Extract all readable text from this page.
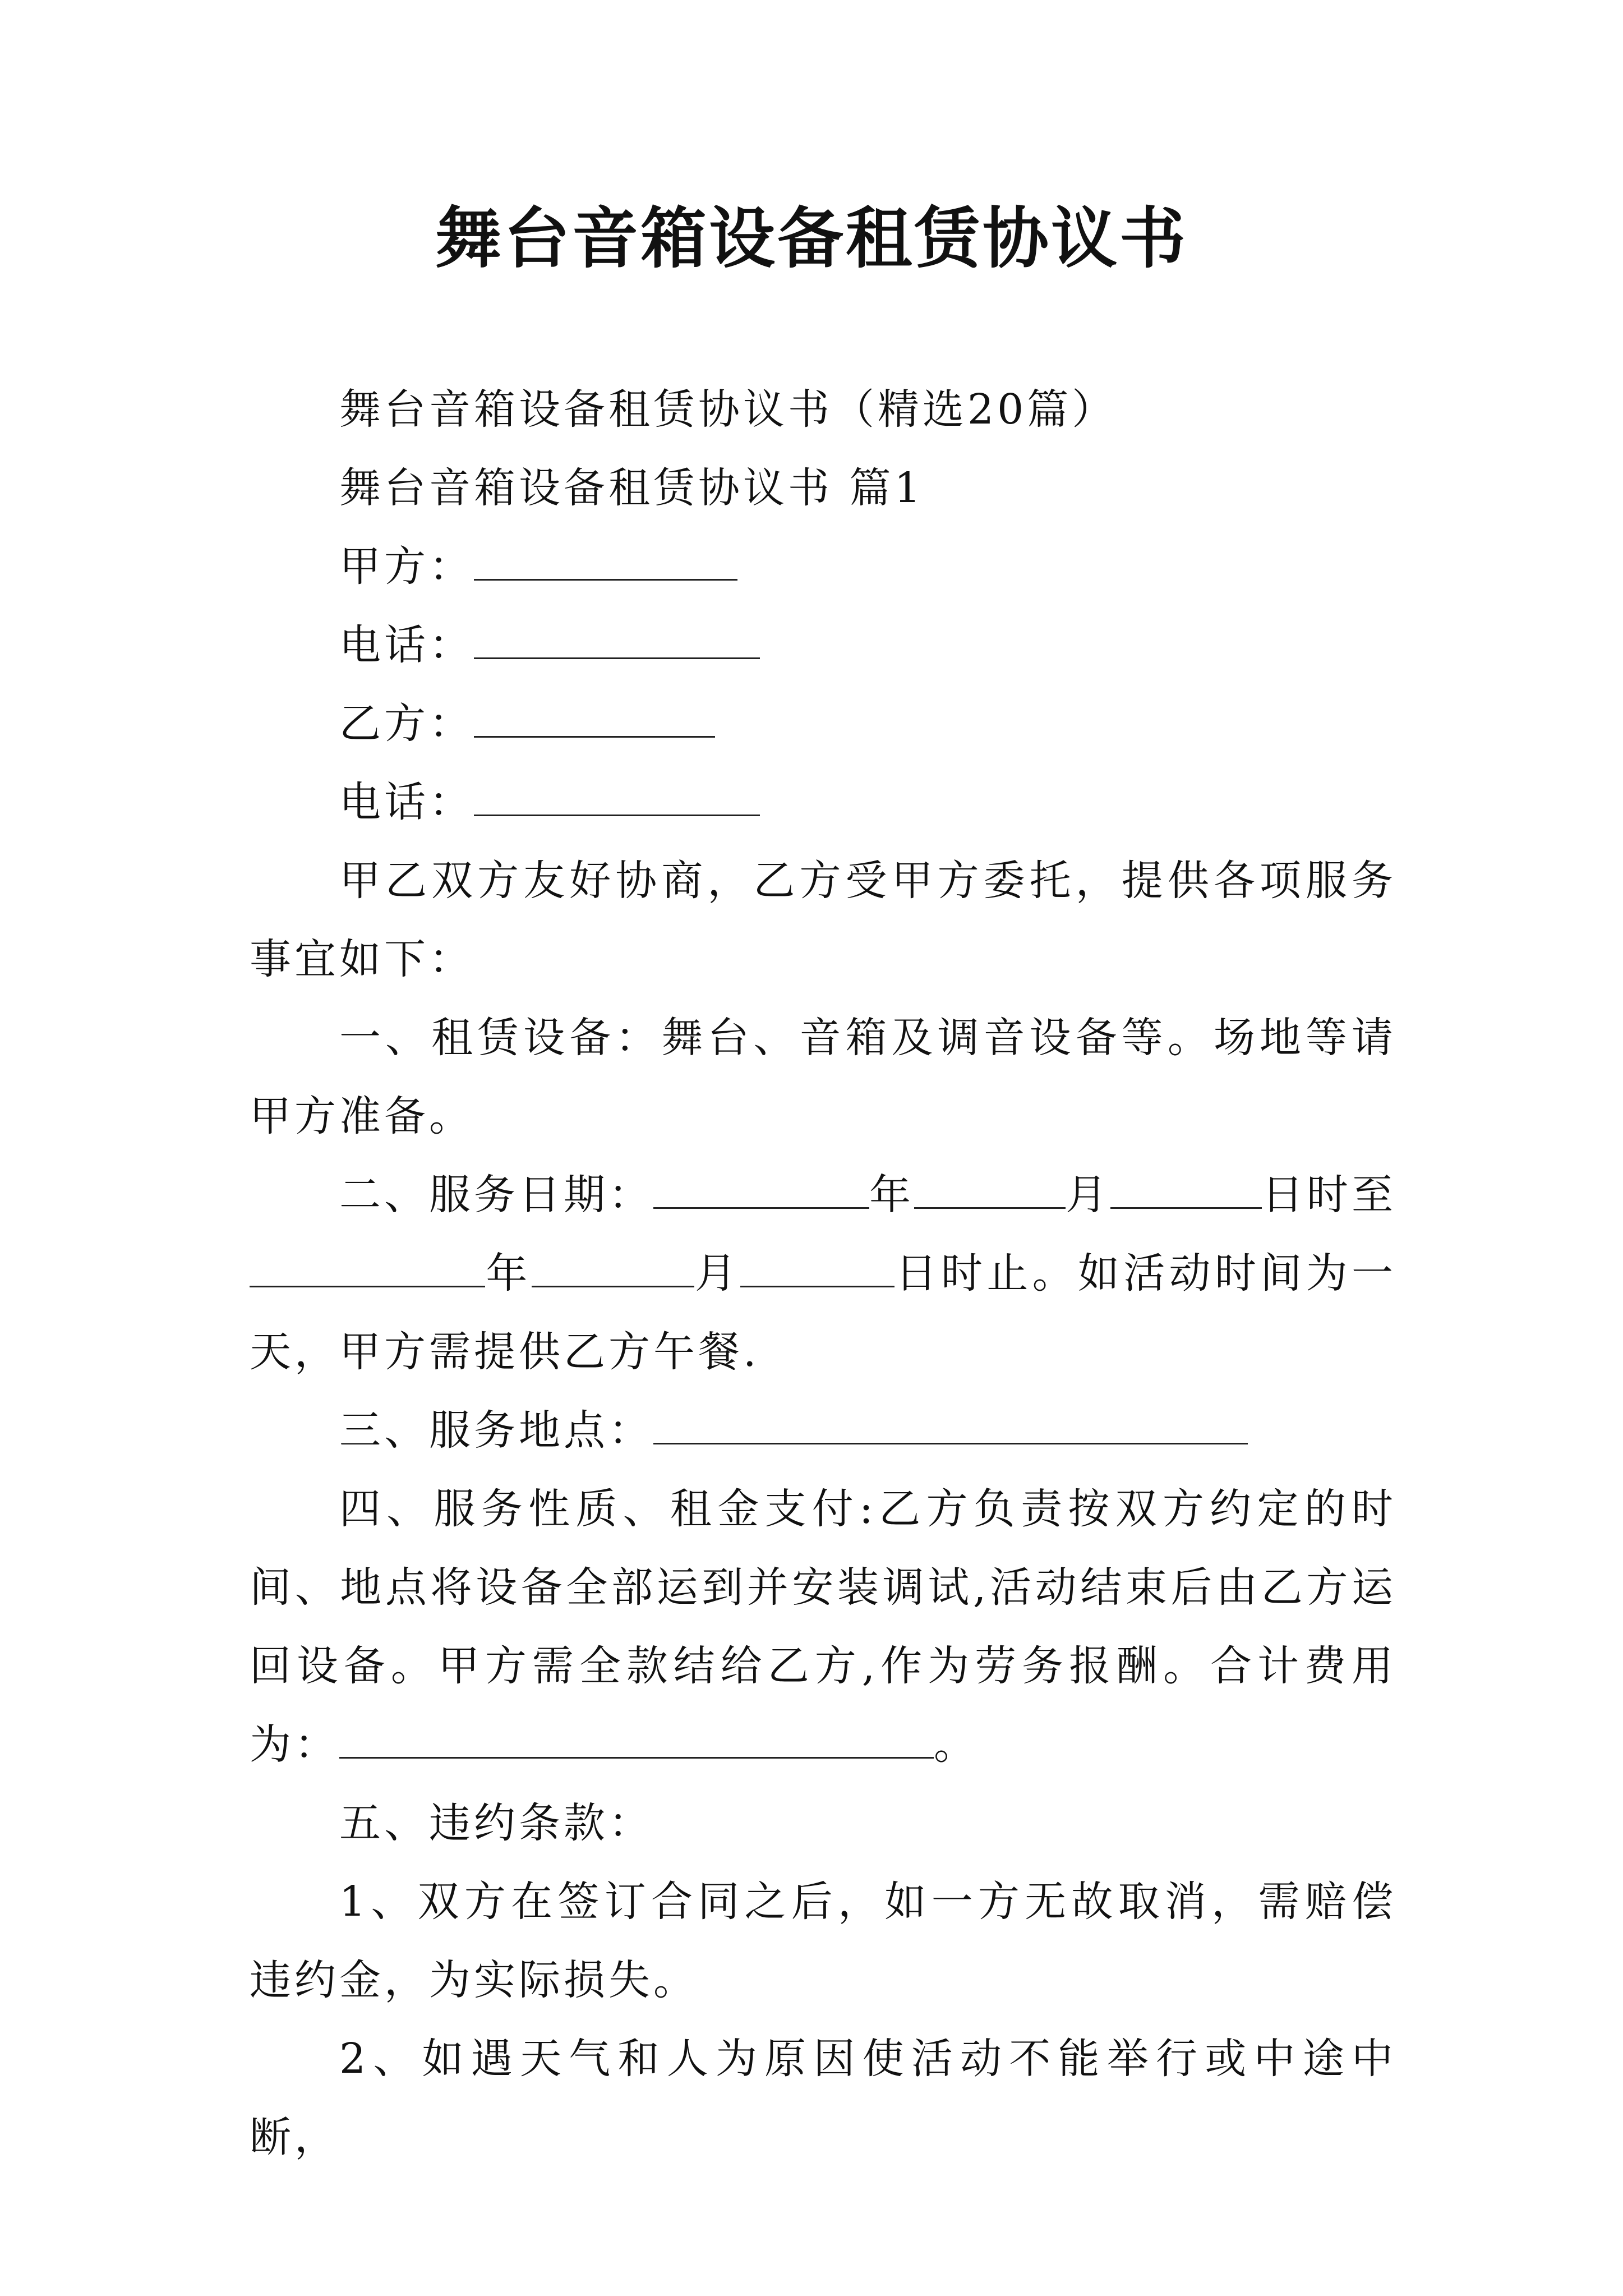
舞台音箱设备租赁协议书

舞台音箱设备租赁协议书（精选20篇）

舞台音箱设备租赁协议书 篇1

甲方：

电话：

乙方：

电话：

甲乙双方友好协商，乙方受甲方委托，提供各项服务事宜如下：

一、租赁设备：舞台、音箱及调音设备等。场地等请甲方准备。

二、服务日期：	年	月	日时至年	月	日时止。如活动时间为一天，甲方需提供乙方午餐.

三、服务地点：

四、服务性质、租金支付:乙方负责按双方约定的时间、地点将设备全部运到并安装调试,活动结束后由乙方运回设备。甲方需全款结给乙方,作为劳务报酬。合计费用为：	。

五、违约条款：

1、双方在签订合同之后，如一方无故取消，需赔偿违约金，为实际损失。

2、如遇天气和人为原因使活动不能举行或中途中断，
